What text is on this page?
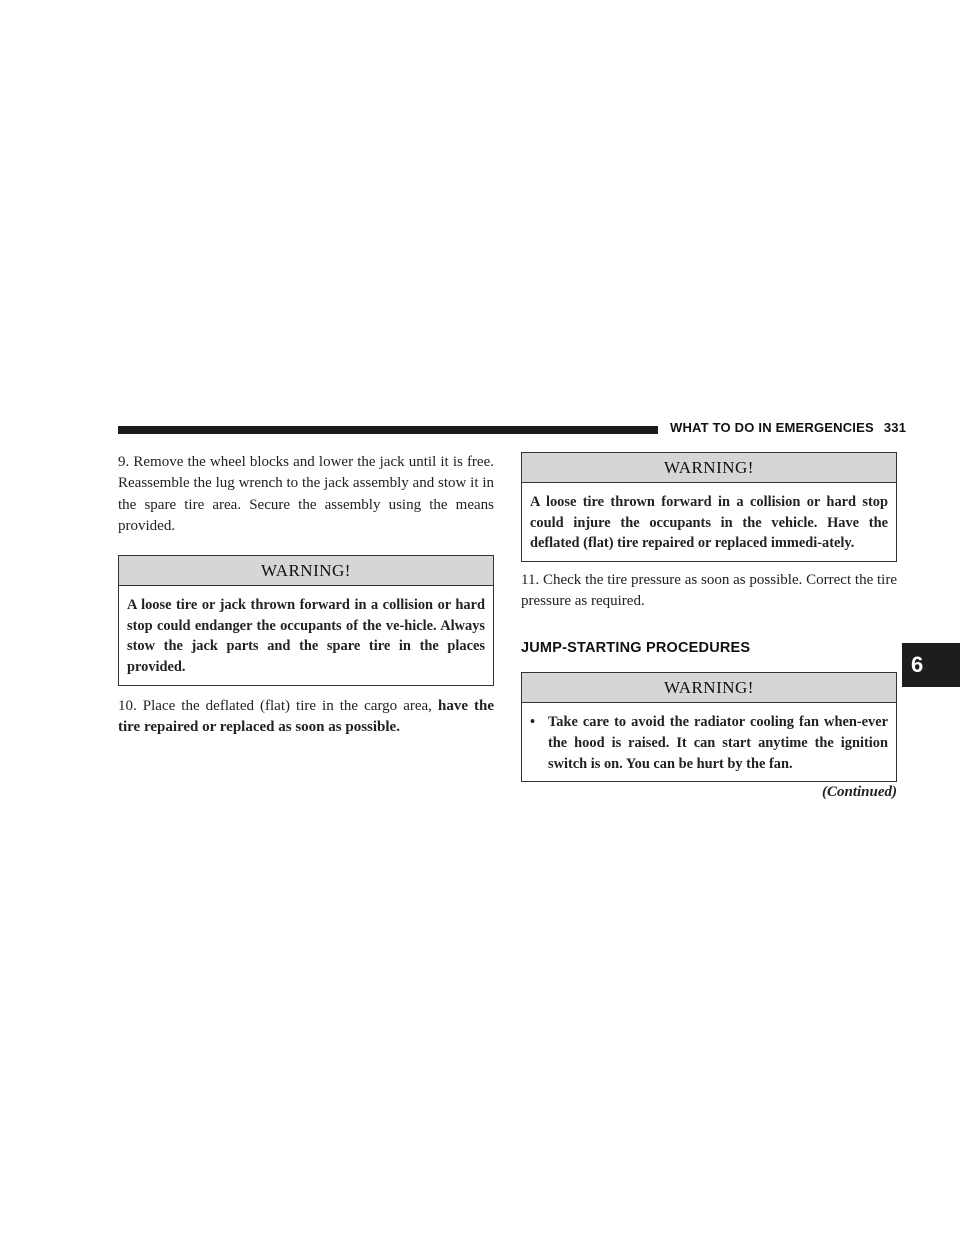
WHAT TO DO IN EMERGENCIES 331

9. Remove the wheel blocks and lower the jack until it is free. Reassemble the lug wrench to the jack assembly and stow it in the spare tire area. Secure the assembly using the means provided.

WARNING!
A loose tire or jack thrown forward in a collision or hard stop could endanger the occupants of the ve-hicle. Always stow the jack parts and the spare tire in the places provided.

10. Place the deflated (flat) tire in the cargo area, have the tire repaired or replaced as soon as possible.

WARNING!
A loose tire thrown forward in a collision or hard stop could injure the occupants in the vehicle. Have the deflated (flat) tire repaired or replaced immedi-ately.

11. Check the tire pressure as soon as possible. Correct the tire pressure as required.

JUMP-STARTING PROCEDURES
WARNING!
• Take care to avoid the radiator cooling fan when-ever the hood is raised. It can start anytime the ignition switch is on. You can be hurt by the fan.
(Continued)
6
